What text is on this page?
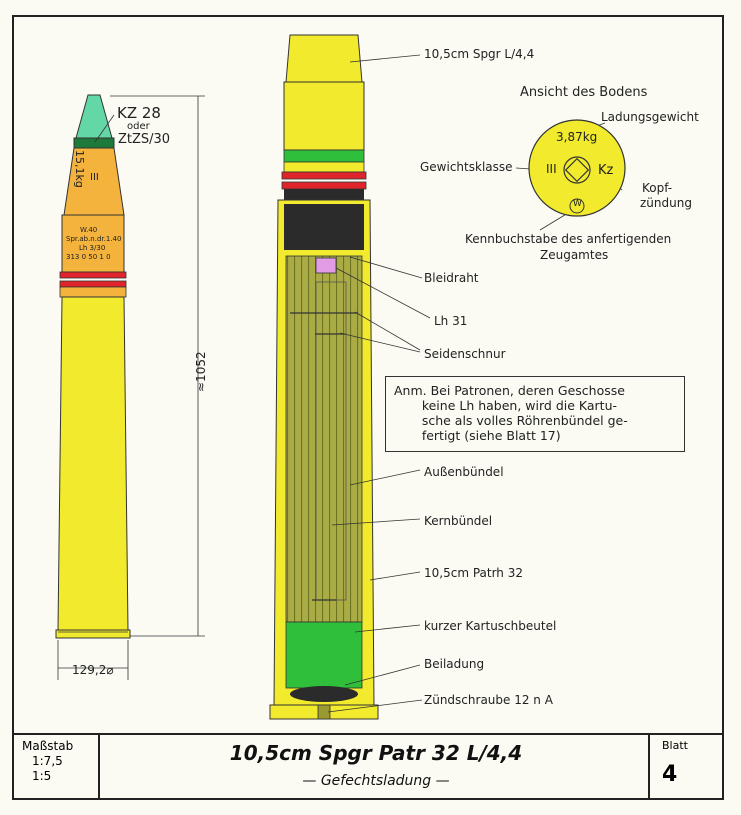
KZ 28
oder
ZtZS/30
15,1kg III
W.40
Spr.ab.n.dr.1.40
Lh 3/30
313 0 50 1 0
≈1052
129,2⌀
10,5cm Spgr L/4,4
Bleidraht
Lh 31
Seidenschnur
Außenbündel
Kernbündel
10,5cm Patrh 32
kurzer Kartuschbeutel
Beiladung
Zündschraube 12 n A
Ansicht des Bodens
Ladungsgewicht
3,87kg
Gewichtsklasse	III	Kz
Kopf-
zündung
W
Kennbuchstabe des anfertigenden
Zeugamtes
Anm. Bei Patronen, deren Geschosse
keine Lh haben, wird die Kartu-
sche als volles Röhrenbündel ge-
fertigt (siehe Blatt 17)
Maßstab
1:7,5
1:5
10,5cm Spgr Patr 32 L/4,4
— Gefechtsladung —
Blatt
4
